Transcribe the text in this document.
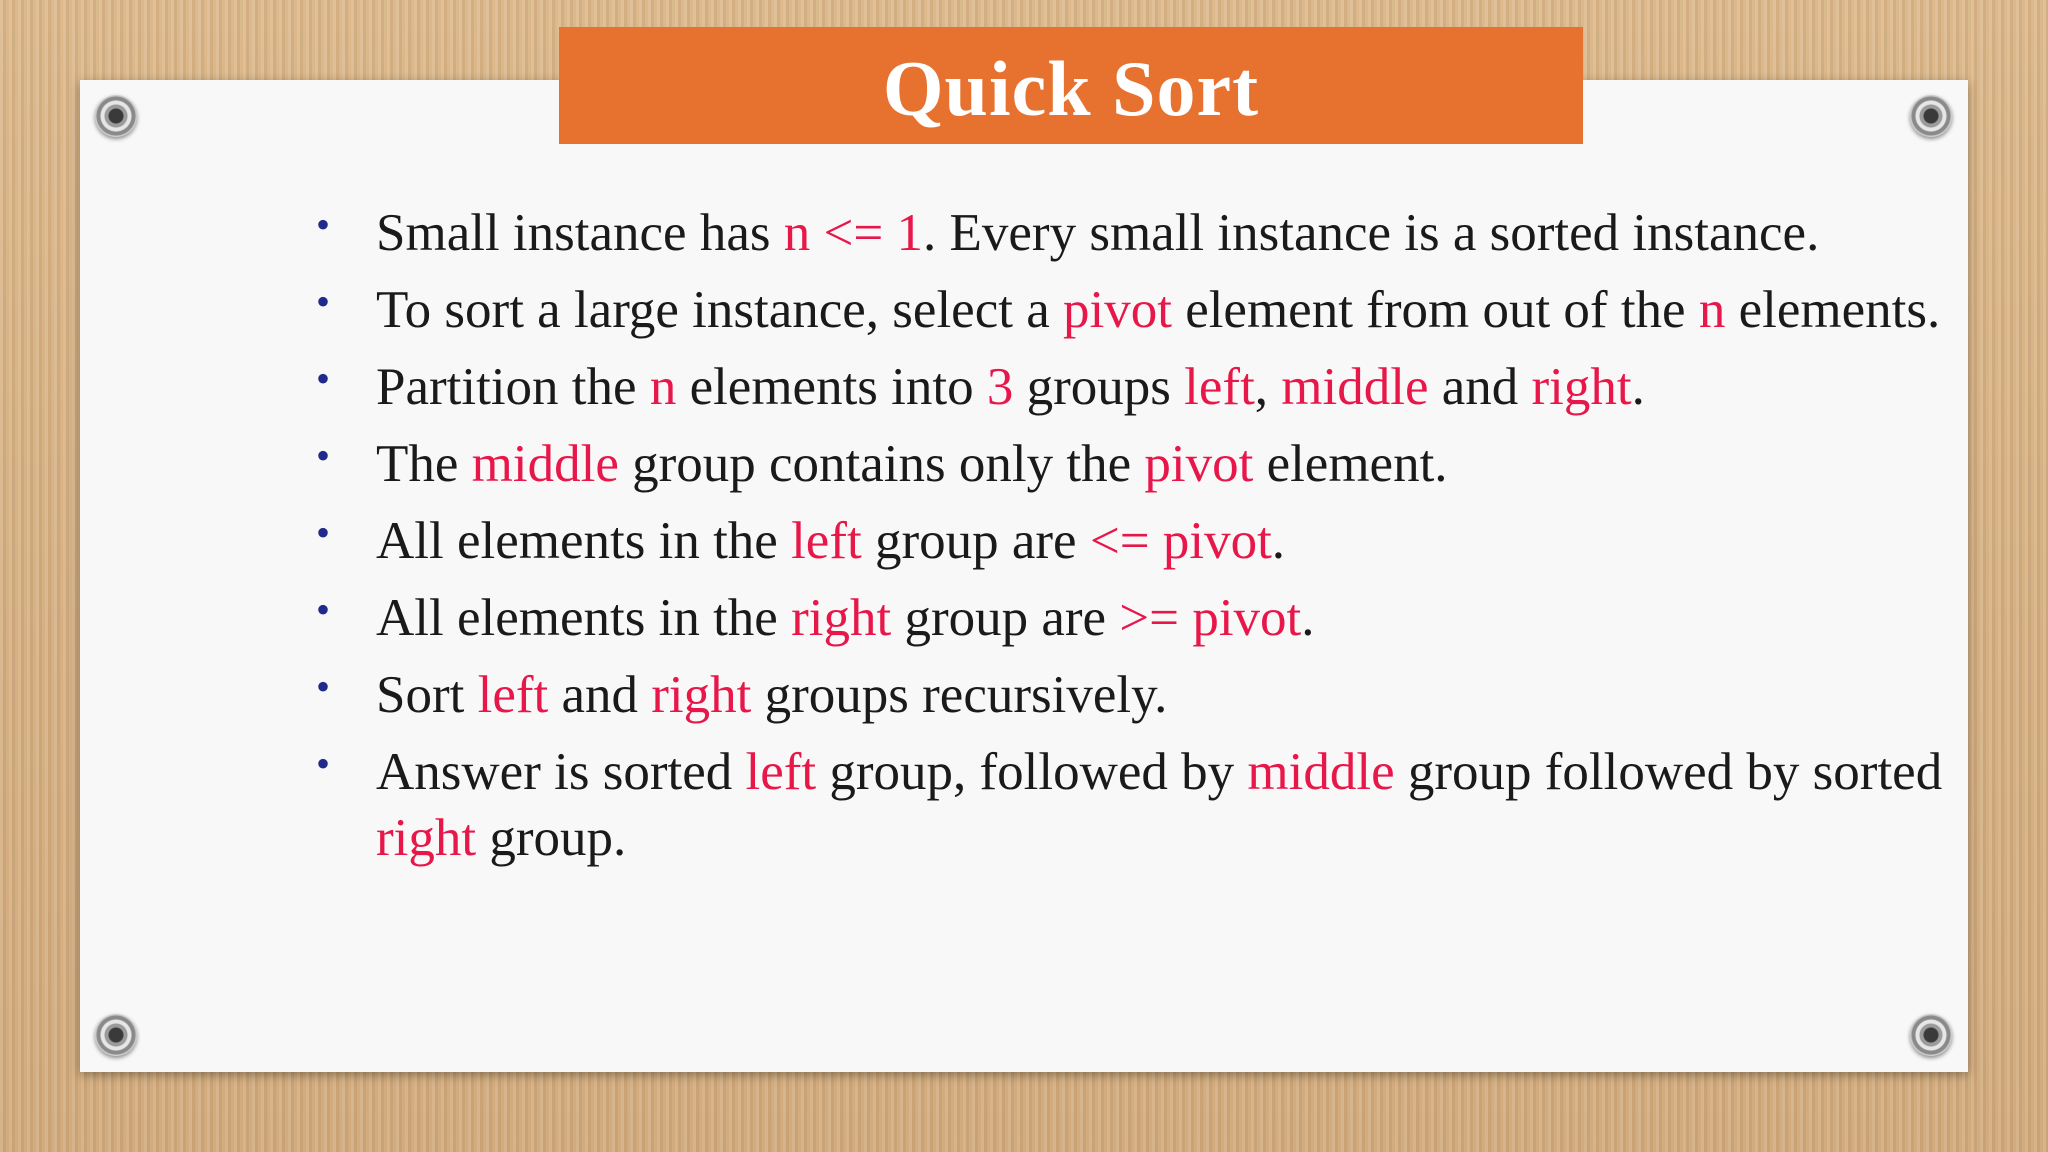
Quick Sort
• Small instance has n <= 1. Every small instance is a sorted instance.
• To sort a large instance, select a pivot element from out of the n elements.
• Partition the n elements into 3 groups left, middle and right.
• The middle group contains only the pivot element.
• All elements in the left group are <= pivot.
• All elements in the right group are >= pivot.
• Sort left and right groups recursively.
• Answer is sorted left group, followed by middle group followed by sorted right group.
